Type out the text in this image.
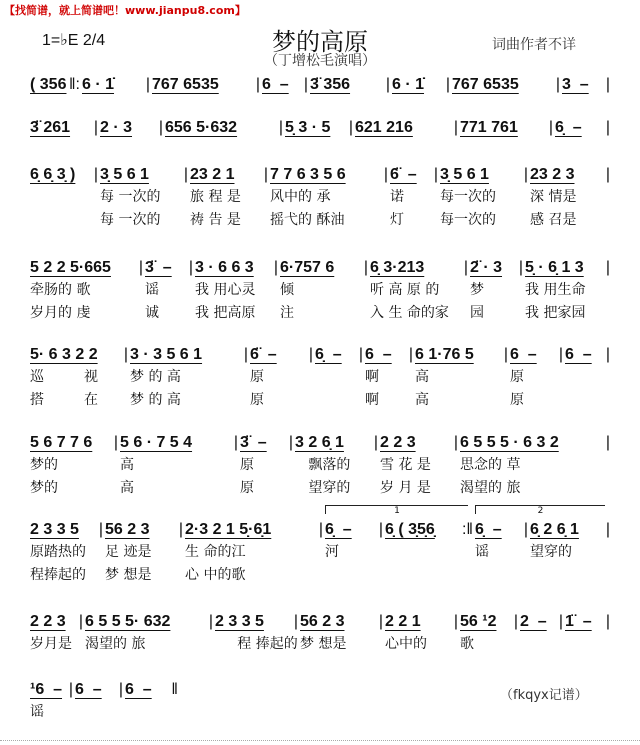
【找简谱，就上简谱吧！www.jianpu8.com】
1=♭E 2/4	梦的高原	词曲作者不详
（丁增松毛演唱）
( 356 ‖: 6 · 1̇ | 767 6535 | 6  – | 3̈ 356 | 6 · 1̇ | 767 6535 | 3  – |
3̈ 261 | 2 · 3 | 656 5·632	| 5̣ 3 · 5 | 621 216	| 771 761 | 6̣  – |
6̣ 6̣ 3̣ ) | 3̣ 5 6 1 |
每 一次的
每 一次的
23 2 1 |
旅 程 是
祷 告 是
7 7 6 3 5 6 |
风中的 承
摇弋的 酥油
6̈  – |
诺
灯
3̣ 5 6 1 |
每一次的
每一次的
23 2 3 |
深 情是
感 召是
5 2 2 5·665 |
牵肠的 歌
岁月的 虔
3̈  – |
谣
诚
3 · 6 6 3 |
我 用心灵
我 把高原
6·757 6 |
倾
注
6̣ 3·213 |
听 高 原 的
入 生 命的家
2̈ · 3 |
梦
园
5̣ · 6̣ 1 3 |
我 用生命
我 把家园
5· 6 3 2 2 |
巡         视
搭         在
3 · 3 5 6 1	|
梦 的 高
梦 的 高
6̈  – |
原
原
6̣  – | 6  – |
啊
啊
6 1·76 5 |
高
高
6  – |
原
原
6  – |
5 6 7 7 6 |
梦的
梦的
5 6 · 7 5 4	|
高
高
3̈  – |
原
原
3 2 6̣ 1 |
飘落的
望穿的
2 2 3 |
雪 花 是
岁 月 是
6 5 5 5 · 6 3 2	|
思念的 草
渴望的 旅
2 3 3 5 |
原踏热的
程捧起的
56 2 3 |
足 迹是
梦 想是
2·3 2 1 5̣·6̣1	|
生 命的江
心 中的歌
6̣  – |
河
6̣ ( 3̣5̣6̣ :‖ 6̣  – |
谣
6̣ 2 6̣ 1 |
望穿的
1	2
2 2 3 |
岁月是
6 5 5 5· 632 |
渴望的 旅
2 3 3 5 |
程 捧起的
56 2 3 |
梦 想是
2 2 1 |
心中的
56 ¹2 |
歌
2  – | 1̈  – |
¹6  – |
谣
6  – | 6  – ‖	（fkqyx记谱）
